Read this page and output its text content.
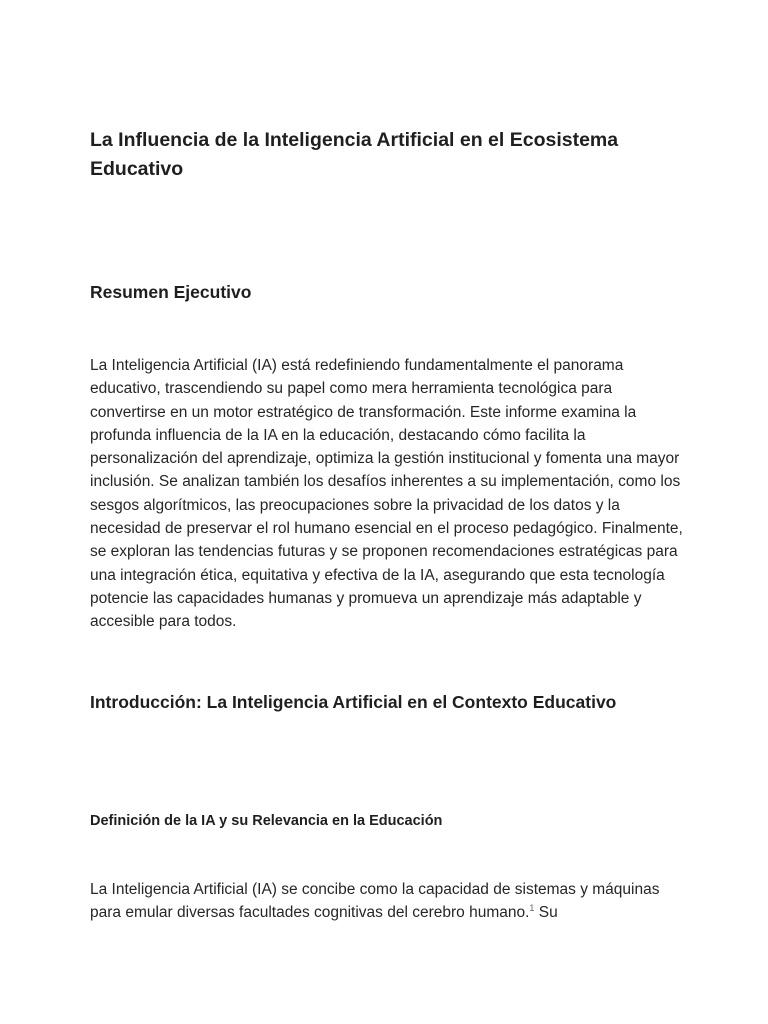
La Influencia de la Inteligencia Artificial en el Ecosistema Educativo
Resumen Ejecutivo

La Inteligencia Artificial (IA) está redefiniendo fundamentalmente el panorama educativo, trascendiendo su papel como mera herramienta tecnológica para convertirse en un motor estratégico de transformación. Este informe examina la profunda influencia de la IA en la educación, destacando cómo facilita la personalización del aprendizaje, optimiza la gestión institucional y fomenta una mayor inclusión. Se analizan también los desafíos inherentes a su implementación, como los sesgos algorítmicos, las preocupaciones sobre la privacidad de los datos y la necesidad de preservar el rol humano esencial en el proceso pedagógico. Finalmente, se exploran las tendencias futuras y se proponen recomendaciones estratégicas para una integración ética, equitativa y efectiva de la IA, asegurando que esta tecnología potencie las capacidades humanas y promueva un aprendizaje más adaptable y accesible para todos.

Introducción: La Inteligencia Artificial en el Contexto Educativo
Definición de la IA y su Relevancia en la Educación

La Inteligencia Artificial (IA) se concibe como la capacidad de sistemas y máquinas para emular diversas facultades cognitivas del cerebro humano.$^1$ Su
